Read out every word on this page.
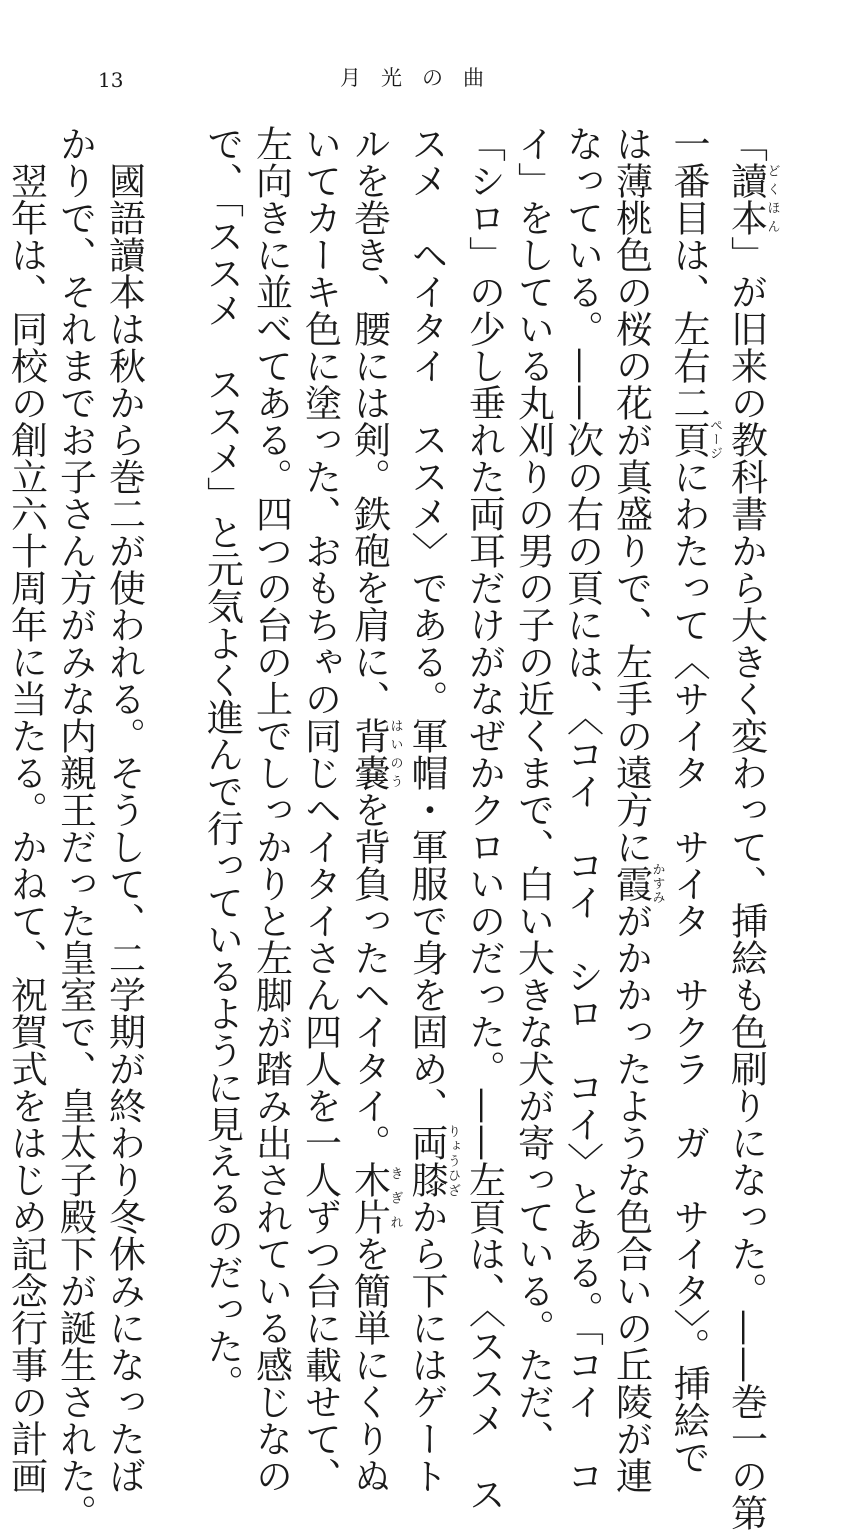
13	月光の曲
「讀本どくほん」が旧来の教科書から大きく変わって、挿絵も色刷りになった。——巻一の第
一番目は、左右二頁ページにわたって〈サイタ　サイタ　サクラ　ガ　サイタ〉。挿絵で
は薄桃色の桜の花が真盛りで、左手の遠方に霞かすみがかかったような色合いの丘陵が連
なっている。——次の右の頁には、〈コイ　コイ　シロ　コイ〉とある。「コイ　コ
イ」をしている丸刈りの男の子の近くまで、白い大きな犬が寄っている。ただ、
「シロ」の少し垂れた両耳だけがなぜかクロいのだった。——左頁は、〈ススメ　ス
スメ　ヘイタイ　ススメ〉である。軍帽・軍服で身を固め、両膝りょうひざから下にはゲート
ルを巻き、腰には剣。鉄砲を肩に、背嚢はいのうを背負ったヘイタイ。木片きぎれを簡単にくりぬ
いてカーキ色に塗った、おもちゃの同じヘイタイさん四人を一人ずつ台に載せて、
左向きに並べてある。四つの台の上でしっかりと左脚が踏み出されている感じなの
で、「ススメ　ススメ」と元気よく進んで行っているように見えるのだった。
　國語讀本は秋から巻二が使われる。そうして、二学期が終わり冬休みになったば
かりで、それまでお子さん方がみな内親王だった皇室で、皇太子殿下が誕生された。
　翌年は、同校の創立六十周年に当たる。かねて、祝賀式をはじめ記念行事の計画
